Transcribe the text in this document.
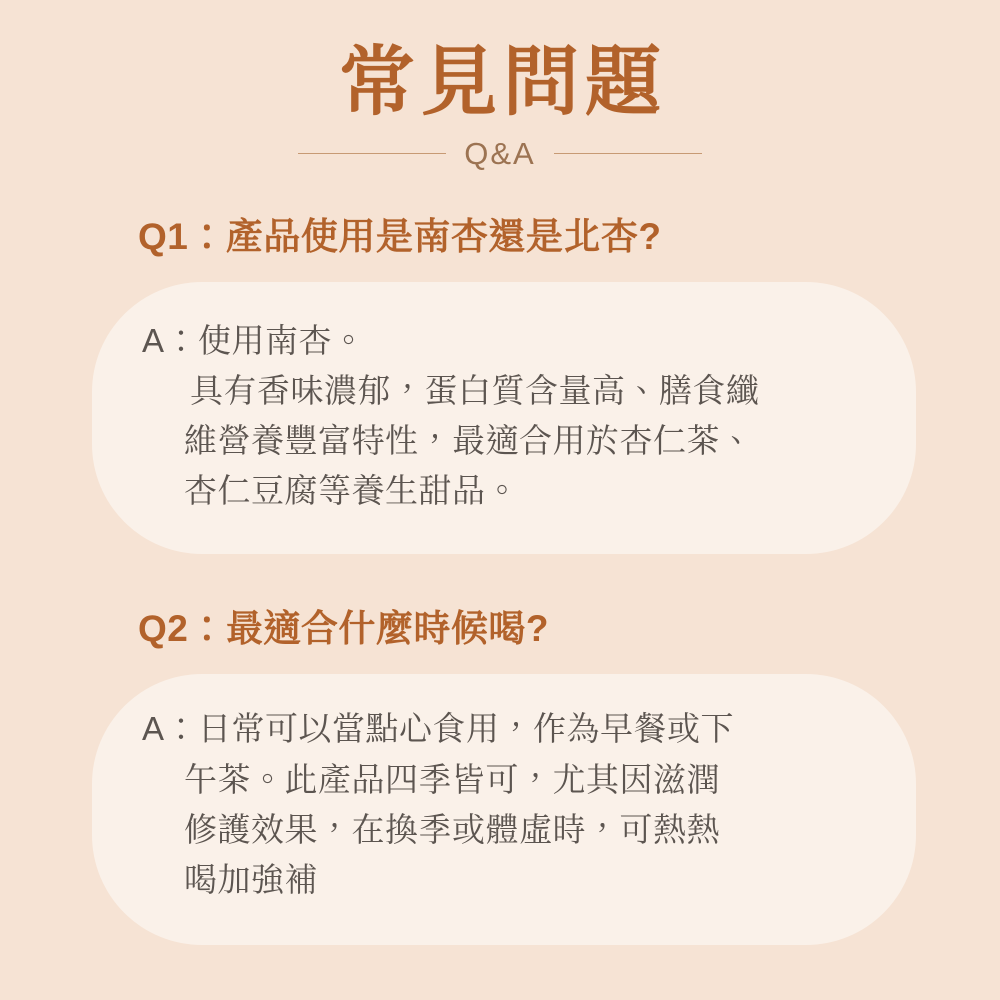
常見問題
Q&A
Q1：產品使用是南杏還是北杏?
A：使用南杏。
具有香味濃郁，蛋白質含量高、膳食纖
維營養豐富特性，最適合用於杏仁茶、
杏仁豆腐等養生甜品。
Q2：最適合什麼時候喝?
A：日常可以當點心食用，作為早餐或下
午茶。此產品四季皆可，尤其因滋潤
修護效果，在換季或體虛時，可熱熱
喝加強補
